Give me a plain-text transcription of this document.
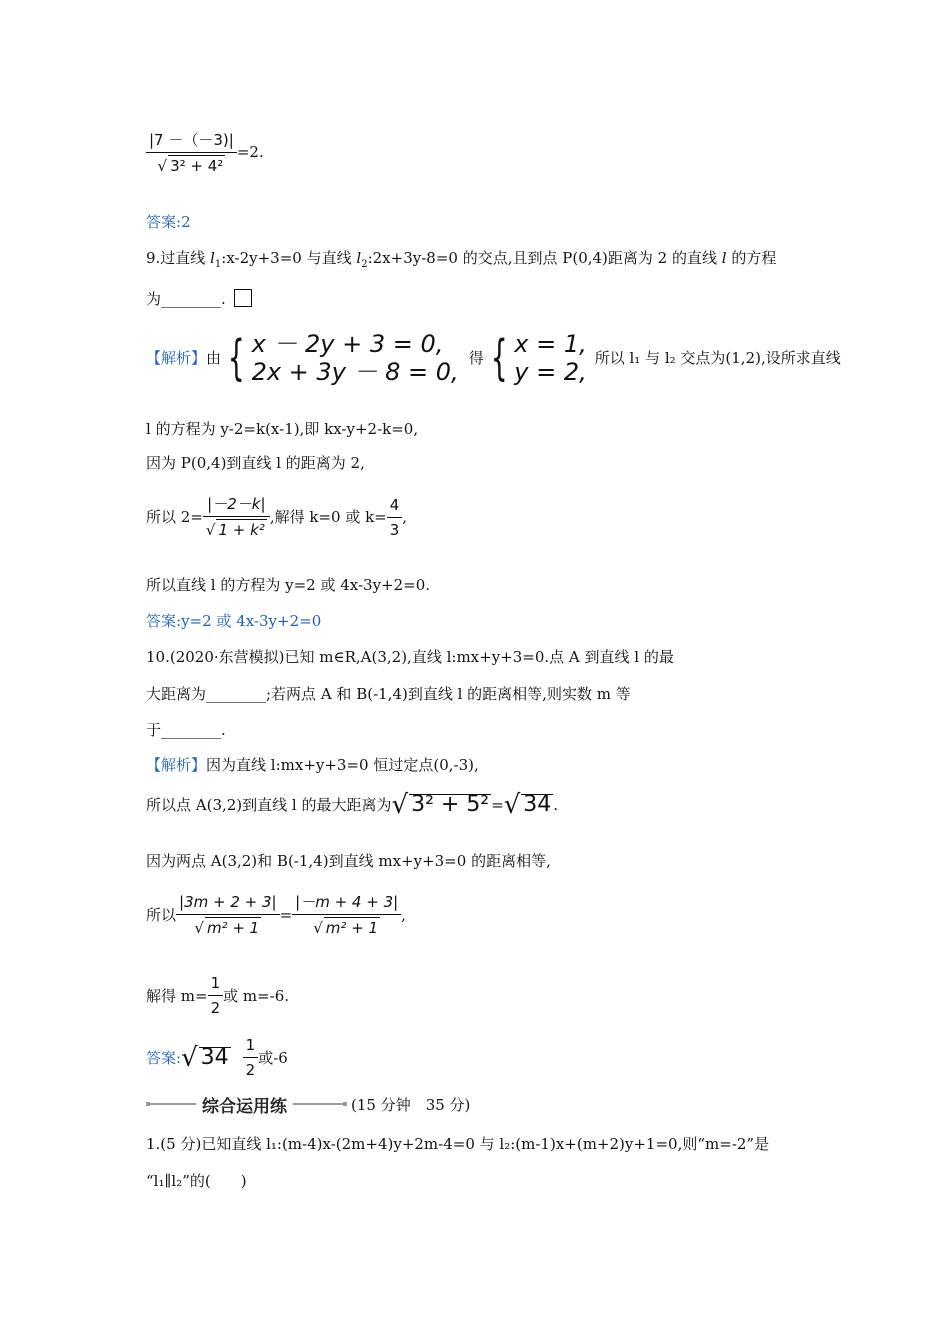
$\frac{|7 -(-3)|}{\text{√ 3² + 4²}} =2$.
答案:2
9.过直线 $l_1:x-2y+3=0$ 与直线 $l_2:2x+3y-8=0$ 的交点,且到点 P(0,4)距离为 2 的直线 l 的方程
为________.
【解析】 由 { x － 2y + 3 = 0,
2x + 3y － 8 = 0, 得 { x = 1,
y = 2, 所以 l₁ 与 l₂ 交点为(1,2),设所求直线
l 的方程为 y-2=k(x-1),即 kx-y+2-k=0,
因为 P(0,4)到直线 l 的距离为 2,
所以 $2= \frac{|-2-k|}{\text{√ 1 + k²}}$ ,解得 k=0 或 $k= \frac{4}{3}$ ,
所以直线 l 的方程为 y=2 或 4x-3y+2=0.
答案:y=2 或 4x-3y+2=0
10.(2020·东营模拟)已知 m∈R,A(3,2),直线 l:mx+y+3=0.点 A 到直线 l 的最
大距离为________;若两点 A 和 B(-1,4)到直线 l 的距离相等,则实数 m 等
于________.
【解析】因为直线 l:mx+y+3=0 恒过定点(0,-3),
所以点 A(3,2)到直线 l 的最大距离为 √ 3² + 5² = √ 34 .
因为两点 A(3,2)和 B(-1,4)到直线 mx+y+3=0 的距离相等,
所以 $\frac{|3m + 2 + 3|}{\text{√ m² + 1}} = \frac{|-m + 4 + 3|}{\text{√ m² + 1}}$ ,
解得 $m= \frac{1}{2}$ 或 m=-6.
答案 : √ $34 \frac{1}{2}$ 或-6
综合运用练	(15 分钟　35 分)
1.(5 分)已知直线 l₁:(m-4)x-(2m+4)y+2m-4=0 与 l₂:(m-1)x+(m+2)y+1=0,则“m=-2”是
“l₁∥l₂”的(　　)
